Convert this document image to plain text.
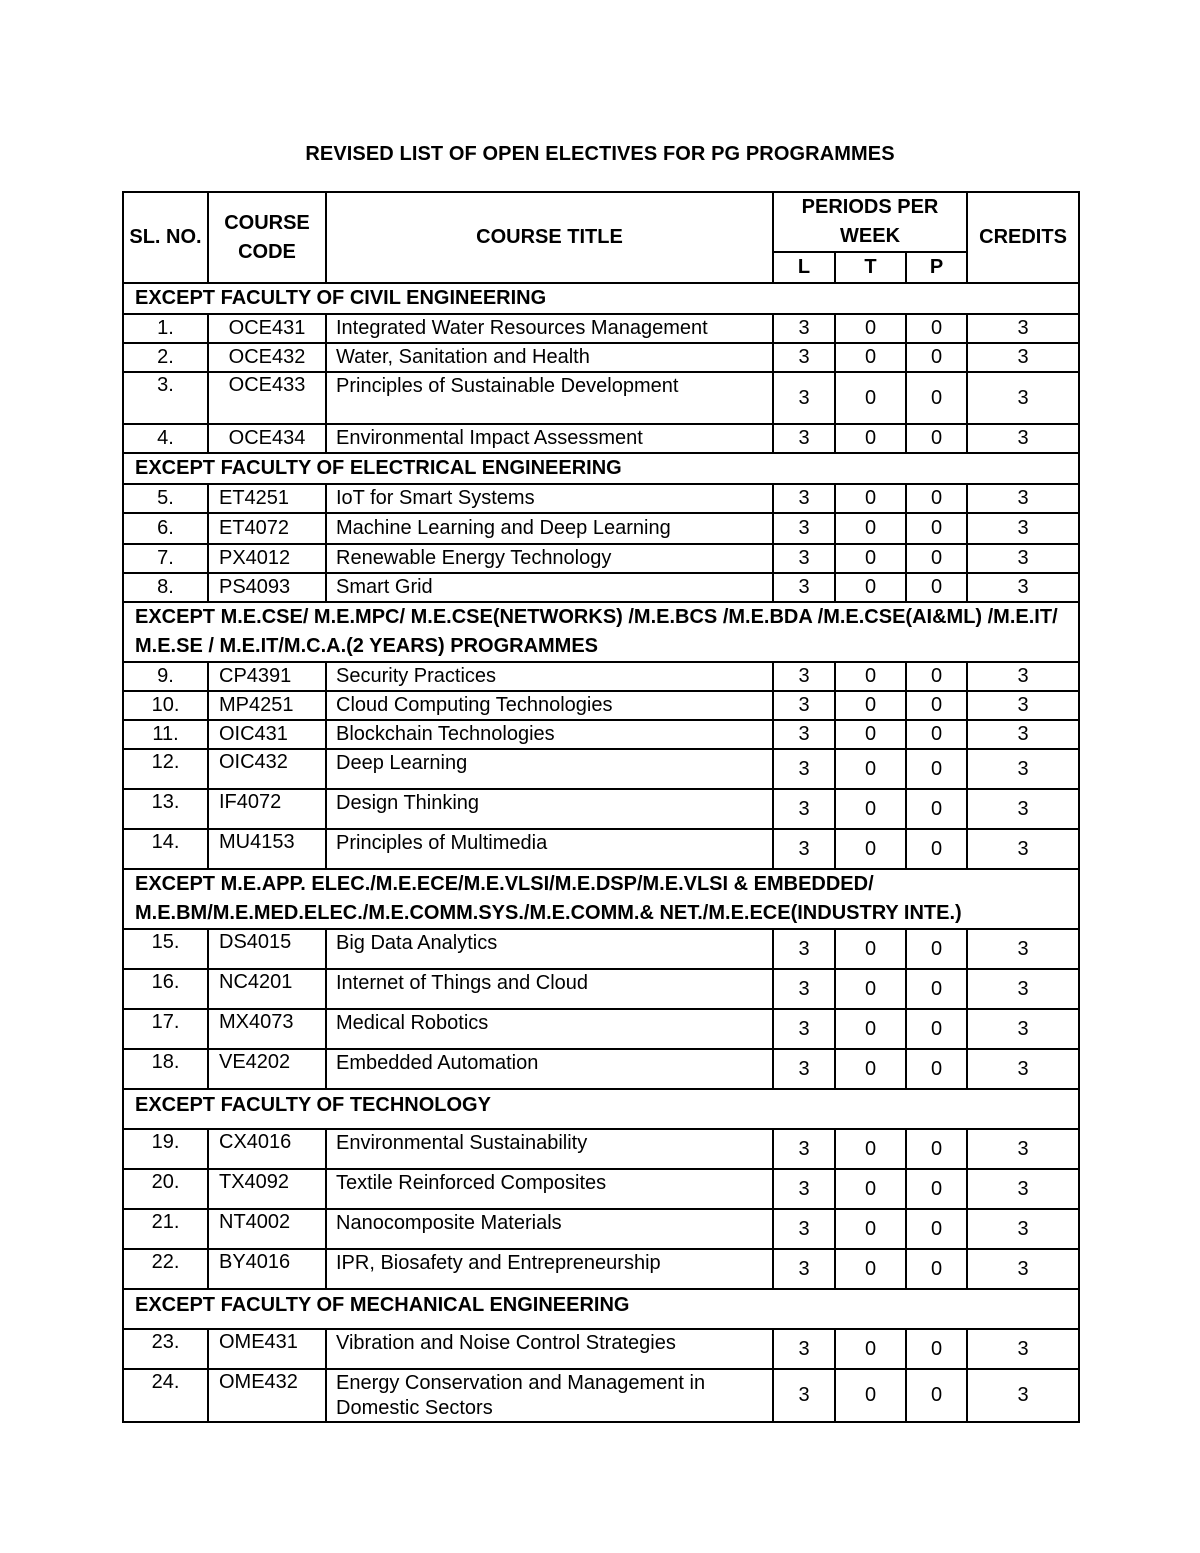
REVISED LIST OF OPEN ELECTIVES FOR PG PROGRAMMES
SL. NO.	COURSE CODE	COURSE TITLE	PERIODS PER WEEK			CREDITS
			L	T	P	
EXCEPT FACULTY OF CIVIL ENGINEERING						
1.	OCE431	Integrated Water Resources Management	3	0	0	3
2.	OCE432	Water, Sanitation and Health	3	0	0	3
3.	OCE433	Principles of Sustainable Development	3	0	0	3
4.	OCE434	Environmental Impact Assessment	3	0	0	3
EXCEPT FACULTY OF ELECTRICAL ENGINEERING						
5.	ET4251	IoT for Smart Systems	3	0	0	3
6.	ET4072	Machine Learning and Deep Learning	3	0	0	3
7.	PX4012	Renewable Energy Technology	3	0	0	3
8.	PS4093	Smart Grid	3	0	0	3
EXCEPT M.E.CSE/ M.E.MPC/ M.E.CSE(NETWORKS) /M.E.BCS /M.E.BDA /M.E.CSE(AI&ML) /M.E.IT/ M.E.SE / M.E.IT/M.C.A.(2 YEARS) PROGRAMMES						
9.	CP4391	Security Practices	3	0	0	3
10.	MP4251	Cloud Computing Technologies	3	0	0	3
11.	OIC431	Blockchain Technologies	3	0	0	3
12.	OIC432	Deep Learning	3	0	0	3
13.	IF4072	Design Thinking	3	0	0	3
14.	MU4153	Principles of Multimedia	3	0	0	3
EXCEPT M.E.APP. ELEC./M.E.ECE/M.E.VLSI/M.E.DSP/M.E.VLSI & EMBEDDED/ M.E.BM/M.E.MED.ELEC./M.E.COMM.SYS./M.E.COMM.& NET./M.E.ECE(INDUSTRY INTE.)						
15.	DS4015	Big Data Analytics	3	0	0	3
16.	NC4201	Internet of Things and Cloud	3	0	0	3
17.	MX4073	Medical Robotics	3	0	0	3
18.	VE4202	Embedded Automation	3	0	0	3
EXCEPT FACULTY OF TECHNOLOGY						
19.	CX4016	Environmental Sustainability	3	0	0	3
20.	TX4092	Textile Reinforced Composites	3	0	0	3
21.	NT4002	Nanocomposite Materials	3	0	0	3
22.	BY4016	IPR, Biosafety and Entrepreneurship	3	0	0	3
EXCEPT FACULTY OF MECHANICAL ENGINEERING						
23.	OME431	Vibration and Noise Control Strategies	3	0	0	3
24.	OME432	Energy Conservation and Management in Domestic Sectors	3	0	0	3
